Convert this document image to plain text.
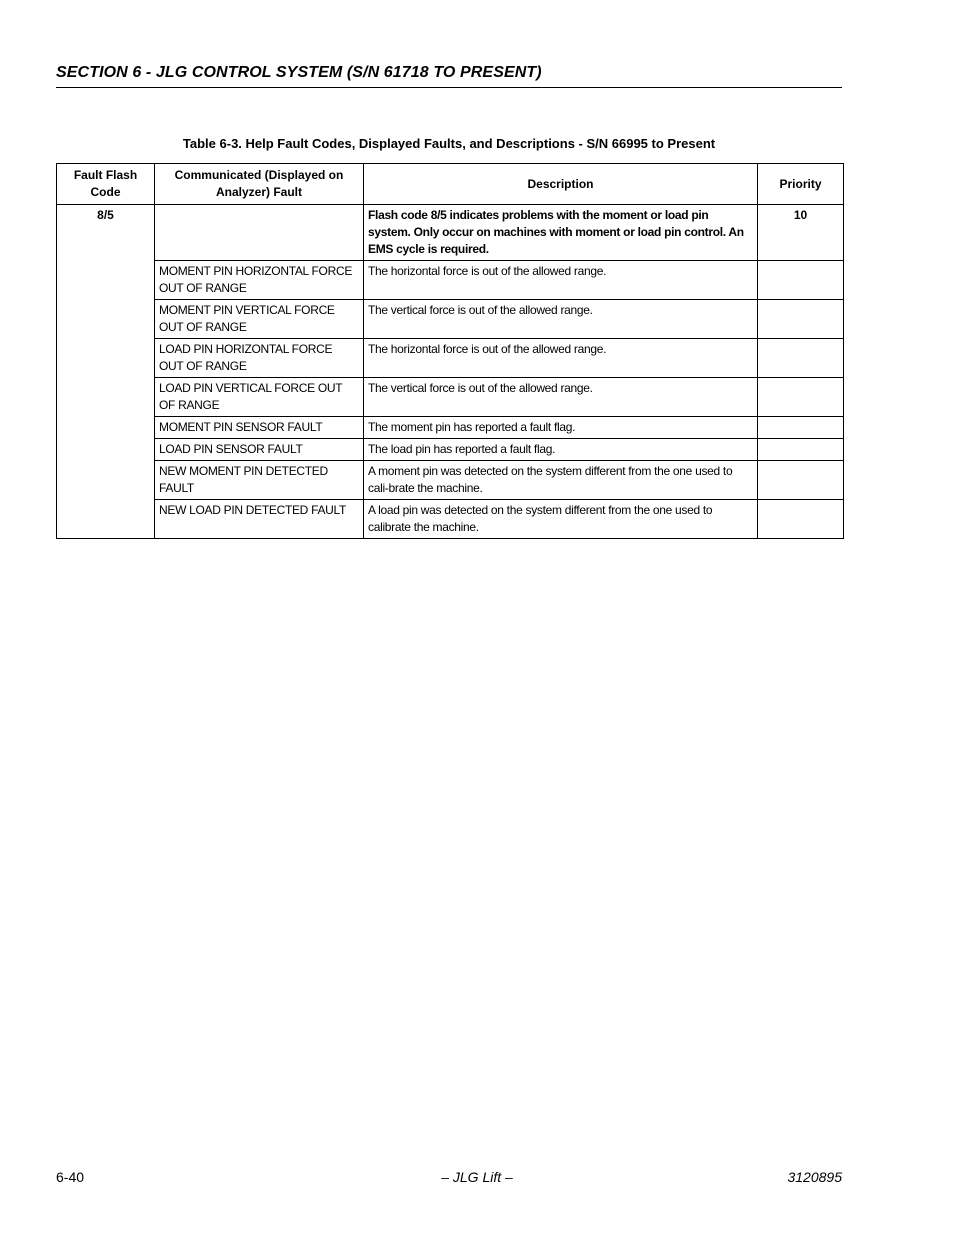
SECTION 6 - JLG CONTROL SYSTEM (S/N 61718 TO PRESENT)
Table 6-3. Help Fault Codes, Displayed Faults, and Descriptions - S/N 66995 to Present
Fault Flash Code	Communicated (Displayed on Analyzer) Fault	Description	Priority
8/5		Flash code 8/5 indicates problems with the moment or load pin system. Only occur on machines with moment or load pin control. An EMS cycle is required.	10
	MOMENT PIN HORIZONTAL FORCE OUT OF RANGE	The horizontal force is out of the allowed range.	
	MOMENT PIN VERTICAL FORCE OUT OF RANGE	The vertical force is out of the allowed range.	
	LOAD PIN HORIZONTAL FORCE OUT OF RANGE	The horizontal force is out of the allowed range.	
	LOAD PIN VERTICAL FORCE OUT OF RANGE	The vertical force is out of the allowed range.	
	MOMENT PIN SENSOR FAULT	The moment pin has reported a fault flag.	
	LOAD PIN SENSOR FAULT	The load pin has reported a fault flag.	
	NEW MOMENT PIN DETECTED FAULT	A moment pin was detected on the system different from the one used to cali-brate the machine.	
	NEW LOAD PIN DETECTED FAULT	A load pin was detected on the system different from the one used to calibrate the machine.	
6-40	– JLG Lift –	3120895
